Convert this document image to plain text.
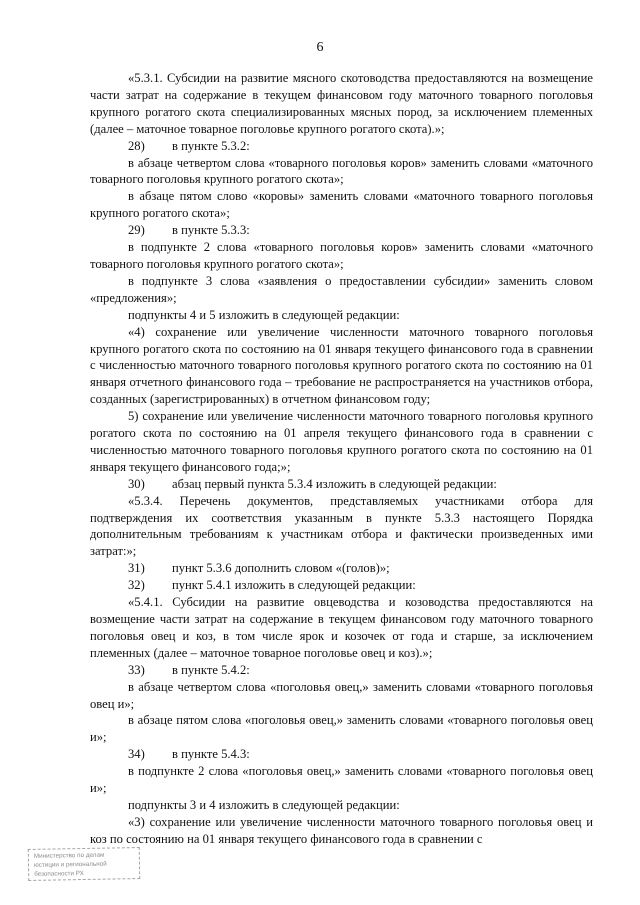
6

«5.3.1. Субсидии на развитие мясного скотоводства предоставляются на возмещение части затрат на содержание в текущем финансовом году маточного товарного поголовья крупного рогатого скота специализированных мясных пород, за исключением племенных (далее – маточное товарное поголовье крупного рогатого скота).»;

28)	в пункте 5.3.2:

в абзаце четвертом слова «товарного поголовья коров» заменить словами «маточного товарного поголовья крупного рогатого скота»;

в абзаце пятом слово «коровы» заменить словами «маточного товарного поголовья крупного рогатого скота»;

29)	в пункте 5.3.3:

в подпункте 2 слова «товарного поголовья коров» заменить словами «маточного товарного поголовья крупного рогатого скота»;

в подпункте 3 слова «заявления о предоставлении субсидии» заменить словом «предложения»;

подпункты 4 и 5 изложить в следующей редакции:

«4) сохранение или увеличение численности маточного товарного поголовья крупного рогатого скота по состоянию на 01 января текущего финансового года в сравнении с численностью маточного товарного поголовья крупного рогатого скота по состоянию на 01 января отчетного финансового года – требование не распространяется на участников отбора, созданных (зарегистрированных) в отчетном финансовом году;

5) сохранение или увеличение численности маточного товарного поголовья крупного рогатого скота по состоянию на 01 апреля текущего финансового года в сравнении с численностью маточного товарного поголовья крупного рогатого скота по состоянию на 01 января текущего финансового года;»;

30)	абзац первый пункта 5.3.4 изложить в следующей редакции:

«5.3.4. Перечень документов, представляемых участниками отбора для подтверждения их соответствия указанным в пункте 5.3.3 настоящего Порядка дополнительным требованиям к участникам отбора и фактически произведенных ими затрат:»;

31)	пункт 5.3.6 дополнить словом «(голов)»;
32)	пункт 5.4.1 изложить в следующей редакции:

«5.4.1. Субсидии на развитие овцеводства и козоводства предоставляются на возмещение части затрат на содержание в текущем финансовом году маточного товарного поголовья овец и коз, в том числе ярок и козочек от года и старше, за исключением племенных (далее – маточное товарное поголовье овец и коз).»;

33)	в пункте 5.4.2:

в абзаце четвертом слова «поголовья овец,» заменить словами «товарного поголовья овец и»;

в абзаце пятом слова «поголовья овец,» заменить словами «товарного поголовья овец и»;

34)	в пункте 5.4.3:

в подпункте 2 слова «поголовья овец,» заменить словами «товарного поголовья овец и»;

подпункты 3 и 4 изложить в следующей редакции:

«3) сохранение или увеличение численности маточного товарного поголовья овец и коз по состоянию на 01 января текущего финансового года в сравнении с

Министерство по делам
юстиции и региональной
безопасности РХ
